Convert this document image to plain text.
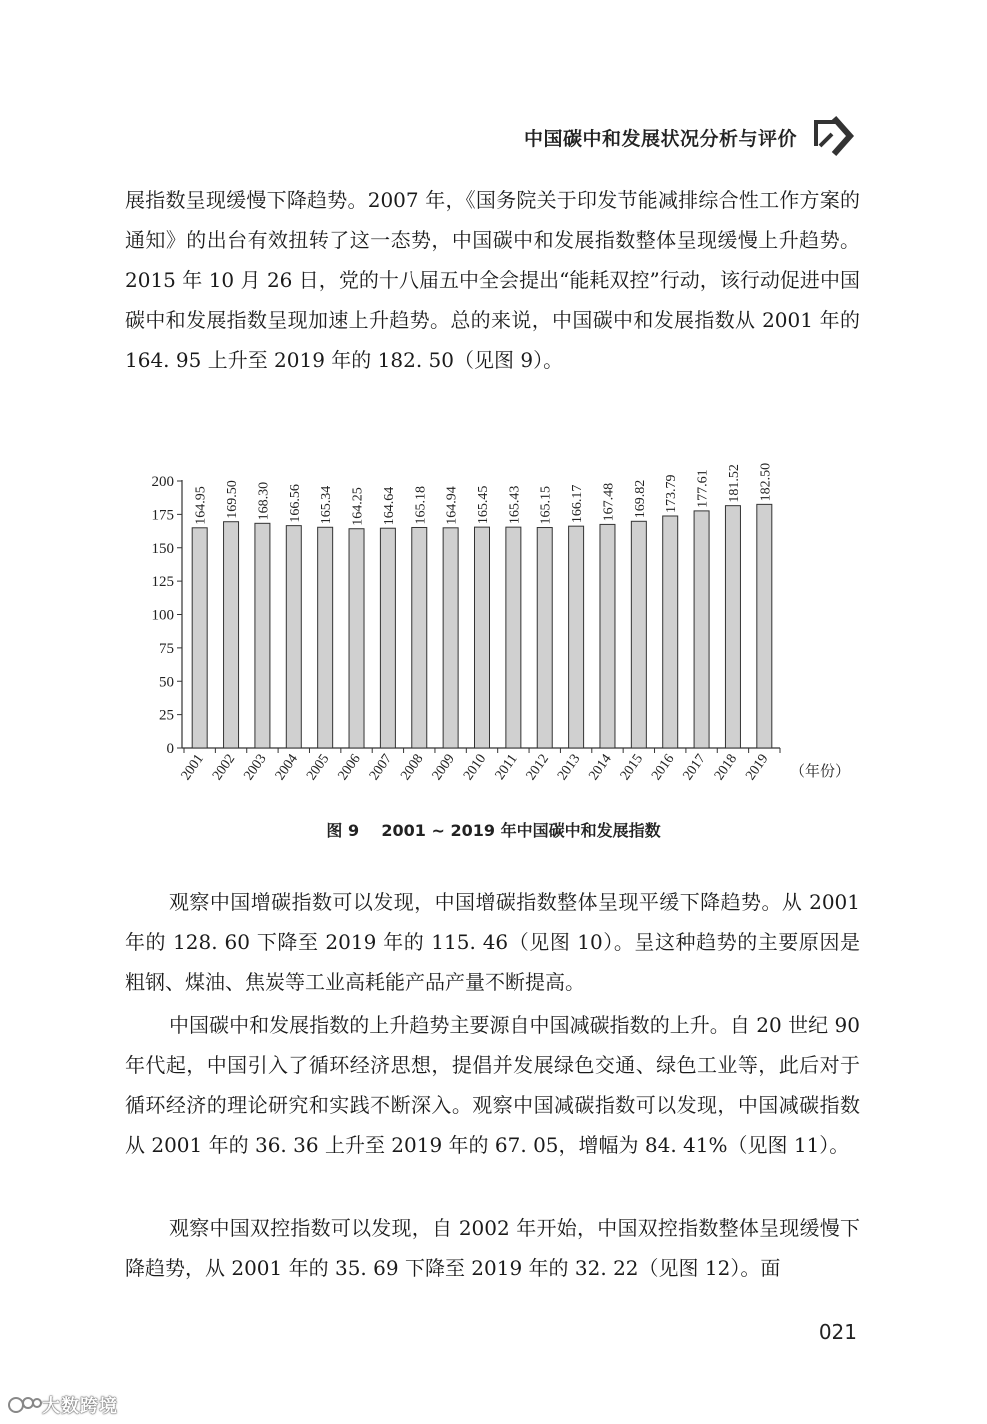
中国碳中和发展状况分析与评价

展指数呈现缓慢下降趋势。2007 年，《国务院关于印发节能减排综合性工作方案的通知》的出台有效扭转了这一态势，中国碳中和发展指数整体呈现缓慢上升趋势。2015 年 10 月 26 日，党的十八届五中全会提出“能耗双控”行动，该行动促进中国碳中和发展指数呈现加速上升趋势。总的来说，中国碳中和发展指数从 2001 年的 164. 95 上升至 2019 年的 182. 50（见图 9）。

0
25
50
75
100
125
150
175
200
164.95
2001
169.50
2002
168.30
2003
166.56
2004
165.34
2005
164.25
2006
164.64
2007
165.18
2008
164.94
2009
165.45
2010
165.43
2011
165.15
2012
166.17
2013
167.48
2014
169.82
2015
173.79
2016
177.61
2017
181.52
2018
182.50
2019 （年份）
图 9 2001 ~ 2019 年中国碳中和发展指数

观察中国增碳指数可以发现，中国增碳指数整体呈现平缓下降趋势。从 2001 年的 128. 60 下降至 2019 年的 115. 46（见图 10）。呈这种趋势的主要原因是粗钢、煤油、焦炭等工业高耗能产品产量不断提高。

中国碳中和发展指数的上升趋势主要源自中国减碳指数的上升。自 20 世纪 90 年代起，中国引入了循环经济思想，提倡并发展绿色交通、绿色工业等，此后对于循环经济的理论研究和实践不断深入。观察中国减碳指数可以发现，中国减碳指数从 2001 年的 36. 36 上升至 2019 年的 67. 05，增幅为 84. 41%（见图 11）。

观察中国双控指数可以发现，自 2002 年开始，中国双控指数整体呈现缓慢下降趋势，从 2001 年的 35. 69 下降至 2019 年的 32. 22（见图 12）。面

021
大数跨境
